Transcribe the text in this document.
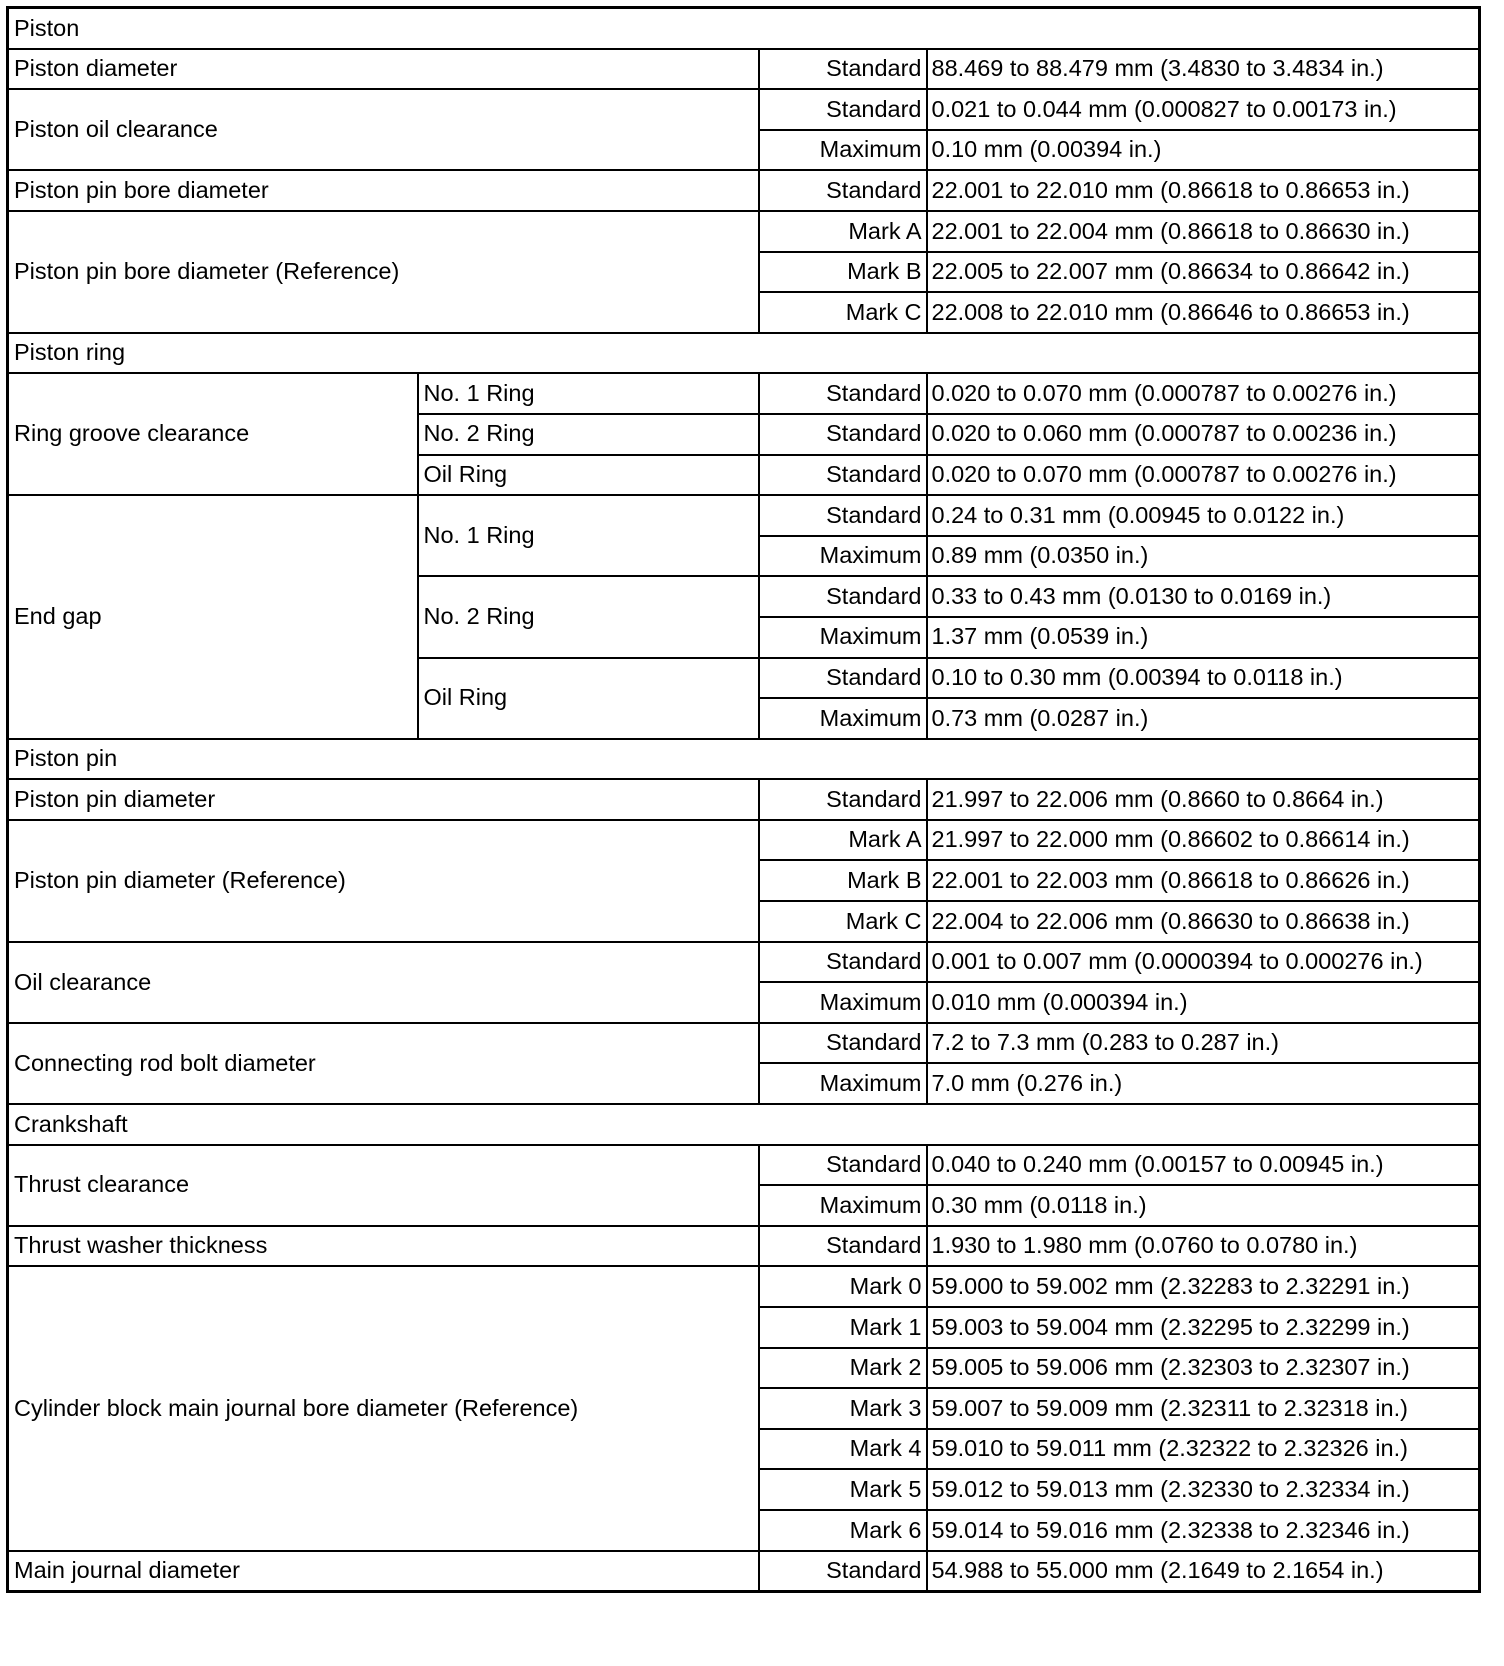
Piston			
Piston diameter		Standard	88.469 to 88.479 mm (3.4830 to 3.4834 in.)
Piston oil clearance		Standard	0.021 to 0.044 mm (0.000827 to 0.00173 in.)
		Maximum	0.10 mm (0.00394 in.)
Piston pin bore diameter		Standard	22.001 to 22.010 mm (0.86618 to 0.86653 in.)
Piston pin bore diameter (Reference)		Mark A	22.001 to 22.004 mm (0.86618 to 0.86630 in.)
		Mark B	22.005 to 22.007 mm (0.86634 to 0.86642 in.)
		Mark C	22.008 to 22.010 mm (0.86646 to 0.86653 in.)
Piston ring			
Ring groove clearance	No. 1 Ring	Standard	0.020 to 0.070 mm (0.000787 to 0.00276 in.)
	No. 2 Ring	Standard	0.020 to 0.060 mm (0.000787 to 0.00236 in.)
	Oil Ring	Standard	0.020 to 0.070 mm (0.000787 to 0.00276 in.)
End gap	No. 1 Ring	Standard	0.24 to 0.31 mm (0.00945 to 0.0122 in.)
		Maximum	0.89 mm (0.0350 in.)
	No. 2 Ring	Standard	0.33 to 0.43 mm (0.0130 to 0.0169 in.)
		Maximum	1.37 mm (0.0539 in.)
	Oil Ring	Standard	0.10 to 0.30 mm (0.00394 to 0.0118 in.)
		Maximum	0.73 mm (0.0287 in.)
Piston pin			
Piston pin diameter		Standard	21.997 to 22.006 mm (0.8660 to 0.8664 in.)
Piston pin diameter (Reference)		Mark A	21.997 to 22.000 mm (0.86602 to 0.86614 in.)
		Mark B	22.001 to 22.003 mm (0.86618 to 0.86626 in.)
		Mark C	22.004 to 22.006 mm (0.86630 to 0.86638 in.)
Oil clearance		Standard	0.001 to 0.007 mm (0.0000394 to 0.000276 in.)
		Maximum	0.010 mm (0.000394 in.)
Connecting rod bolt diameter		Standard	7.2 to 7.3 mm (0.283 to 0.287 in.)
		Maximum	7.0 mm (0.276 in.)
Crankshaft			
Thrust clearance		Standard	0.040 to 0.240 mm (0.00157 to 0.00945 in.)
		Maximum	0.30 mm (0.0118 in.)
Thrust washer thickness		Standard	1.930 to 1.980 mm (0.0760 to 0.0780 in.)
Cylinder block main journal bore diameter (Reference)		Mark 0	59.000 to 59.002 mm (2.32283 to 2.32291 in.)
		Mark 1	59.003 to 59.004 mm (2.32295 to 2.32299 in.)
		Mark 2	59.005 to 59.006 mm (2.32303 to 2.32307 in.)
		Mark 3	59.007 to 59.009 mm (2.32311 to 2.32318 in.)
		Mark 4	59.010 to 59.011 mm (2.32322 to 2.32326 in.)
		Mark 5	59.012 to 59.013 mm (2.32330 to 2.32334 in.)
		Mark 6	59.014 to 59.016 mm (2.32338 to 2.32346 in.)
Main journal diameter		Standard	54.988 to 55.000 mm (2.1649 to 2.1654 in.)
